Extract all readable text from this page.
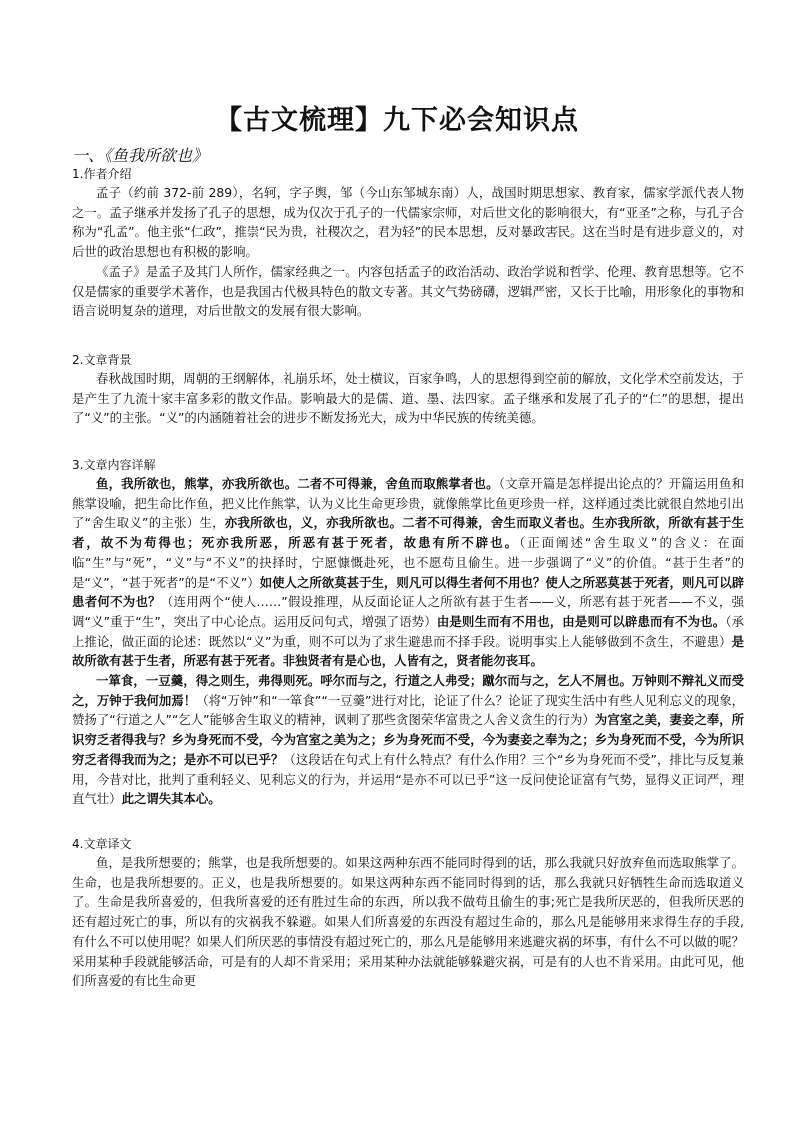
【古文梳理】九下必会知识点
一、《鱼我所欲也》

1.作者介绍

孟子（约前 372-前 289），名轲，字子舆，邹（今山东邹城东南）人，战国时期思想家、教育家，儒家学派代表人物之一。孟子继承并发扬了孔子的思想，成为仅次于孔子的一代儒家宗师，对后世文化的影响很大，有“亚圣”之称，与孔子合称为“孔孟”。他主张“仁政”，推崇“民为贵，社稷次之，君为轻”的民本思想，反对暴政害民。这在当时是有进步意义的，对后世的政治思想也有积极的影响。

《孟子》是孟子及其门人所作，儒家经典之一。内容包括孟子的政治活动、政治学说和哲学、伦理、教育思想等。它不仅是儒家的重要学术著作，也是我国古代极具特色的散文专著。其文气势磅礴，逻辑严密，又长于比喻，用形象化的事物和语言说明复杂的道理，对后世散文的发展有很大影响。

2.文章背景

春秋战国时期，周朝的王纲解体，礼崩乐坏，处士横议，百家争鸣，人的思想得到空前的解放，文化学术空前发达，于是产生了九流十家丰富多彩的散文作品。影响最大的是儒、道、墨、法四家。孟子继承和发展了孔子的“仁”的思想，提出了“义”的主张。“义”的内涵随着社会的进步不断发扬光大，成为中华民族的传统美德。

3.文章内容详解

鱼，我所欲也，熊掌，亦我所欲也。二者不可得兼，舍鱼而取熊掌者也。（文章开篇是怎样提出论点的？开篇运用鱼和熊掌设喻，把生命比作鱼，把义比作熊掌，认为义比生命更珍贵，就像熊掌比鱼更珍贵一样，这样通过类比就很自然地引出了“舍生取义”的主张）生，亦我所欲也，义，亦我所欲也。二者不可得兼，舍生而取义者也。生亦我所欲，所欲有甚于生者，故不为苟得也；死亦我所恶，所恶有甚于死者，故患有所不辟也。（正面阐述“舍生取义”的含义：在面临“生”与“死”，“义”与“不义”的抉择时，宁愿慷慨赴死，也不愿苟且偷生。进一步强调了“义”的价值。“甚于生者”的是“义”，“甚于死者”的是“不义”）如使人之所欲莫甚于生，则凡可以得生者何不用也？使人之所恶莫甚于死者，则凡可以辟患者何不为也？（连用两个“使人……”假设推理，从反面论证人之所欲有甚于生者——义，所恶有甚于死者——不义，强调“义”重于“生”，突出了中心论点。运用反问句式，增强了语势）由是则生而有不用也，由是则可以辟患而有不为也。（承上推论，做正面的论述：既然以“义”为重，则不可以为了求生避患而不择手段。说明事实上人能够做到不贪生，不避患）是故所欲有甚于生者，所恶有甚于死者。非独贤者有是心也，人皆有之，贤者能勿丧耳。

一箪食，一豆羹，得之则生，弗得则死。呼尔而与之，行道之人弗受；蹴尔而与之，乞人不屑也。万钟则不辩礼义而受之，万钟于我何加焉！（将“万钟”和“一箪食”“一豆羹”进行对比，论证了什么？论证了现实生活中有些人见利忘义的现象，赞扬了“行道之人”“乞人”能够舍生取义的精神，讽刺了那些贪图荣华富贵之人舍义贪生的行为）为宫室之美，妻妾之奉，所识穷乏者得我与？乡为身死而不受，今为宫室之美为之；乡为身死而不受，今为妻妾之奉为之；乡为身死而不受，今为所识穷乏者得我而为之；是亦不可以已乎？（这段话在句式上有什么特点？有什么作用？三个“乡为身死而不受”，排比与反复兼用，今昔对比，批判了重利轻义、见利忘义的行为，并运用“是亦不可以已乎”这一反问使论证富有气势，显得义正词严，理直气壮）此之谓失其本心。

4.文章译文

鱼，是我所想要的；熊掌，也是我所想要的。如果这两种东西不能同时得到的话，那么我就只好放弃鱼而选取熊掌了。生命，也是我所想要的。正义，也是我所想要的。如果这两种东西不能同时得到的话，那么我就只好牺牲生命而选取道义了。生命是我所喜爱的，但我所喜爱的还有胜过生命的东西，所以我不做苟且偷生的事;死亡是我所厌恶的，但我所厌恶的还有超过死亡的事，所以有的灾祸我不躲避。如果人们所喜爱的东西没有超过生命的，那么凡是能够用来求得生存的手段,有什么不可以使用呢？如果人们所厌恶的事情没有超过死亡的，那么凡是能够用来逃避灾祸的坏事，有什么不可以做的呢？采用某种手段就能够活命，可是有的人却不肯采用；采用某种办法就能够躲避灾祸，可是有的人也不肯采用。由此可见，他们所喜爱的有比生命更
